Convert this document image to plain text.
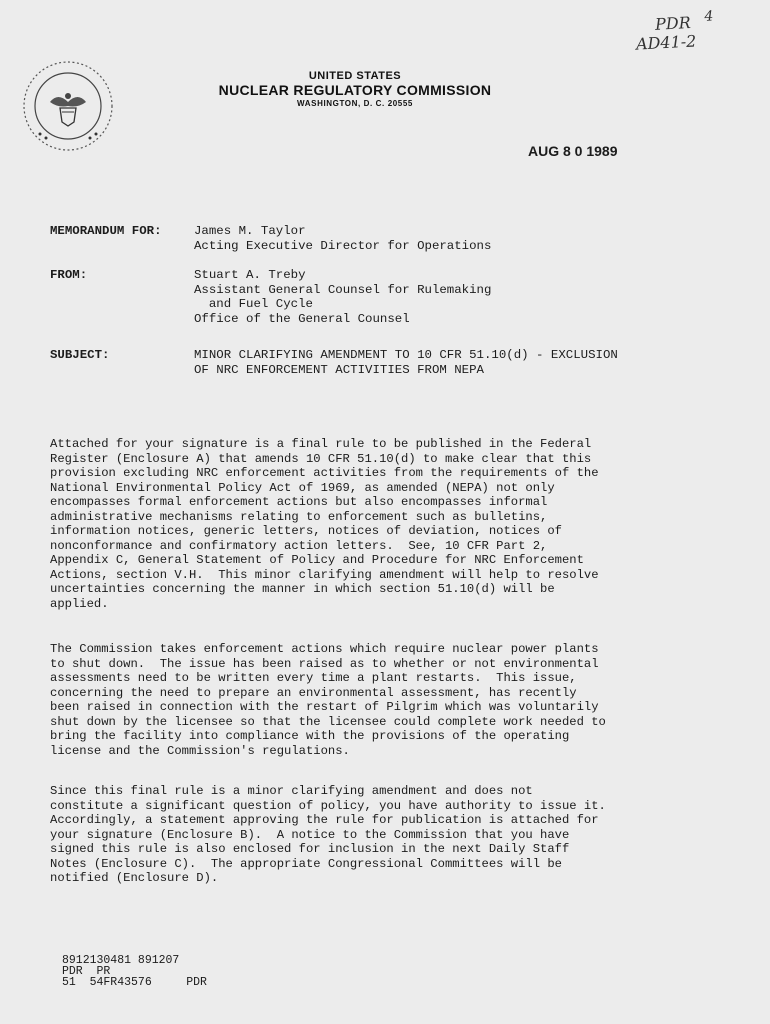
PDR 4
AD41-2
UNITED STATES
NUCLEAR REGULATORY COMMISSION
WASHINGTON, D. C. 20555
AUG 8 0 1989
MEMORANDUM FOR:	James M. Taylor
Acting Executive Director for Operations
FROM:	Stuart A. Treby
Assistant General Counsel for Rulemaking
and Fuel Cycle
Office of the General Counsel
SUBJECT:	MINOR CLARIFYING AMENDMENT TO 10 CFR 51.10(d) - EXCLUSION
OF NRC ENFORCEMENT ACTIVITIES FROM NEPA

Attached for your signature is a final rule to be published in the Federal
Register (Enclosure A) that amends 10 CFR 51.10(d) to make clear that this
provision excluding NRC enforcement activities from the requirements of the
National Environmental Policy Act of 1969, as amended (NEPA) not only
encompasses formal enforcement actions but also encompasses informal
administrative mechanisms relating to enforcement such as bulletins,
information notices, generic letters, notices of deviation, notices of
nonconformance and confirmatory action letters.  See, 10 CFR Part 2,
Appendix C, General Statement of Policy and Procedure for NRC Enforcement
Actions, section V.H.  This minor clarifying amendment will help to resolve
uncertainties concerning the manner in which section 51.10(d) will be
applied.

The Commission takes enforcement actions which require nuclear power plants
to shut down.  The issue has been raised as to whether or not environmental
assessments need to be written every time a plant restarts.  This issue,
concerning the need to prepare an environmental assessment, has recently
been raised in connection with the restart of Pilgrim which was voluntarily
shut down by the licensee so that the licensee could complete work needed to
bring the facility into compliance with the provisions of the operating
license and the Commission's regulations.

Since this final rule is a minor clarifying amendment and does not
constitute a significant question of policy, you have authority to issue it.
Accordingly, a statement approving the rule for publication is attached for
your signature (Enclosure B).  A notice to the Commission that you have
signed this rule is also enclosed for inclusion in the next Daily Staff
Notes (Enclosure C).  The appropriate Congressional Committees will be
notified (Enclosure D).

8912130481 891207
PDR  PR
51  54FR43576     PDR
